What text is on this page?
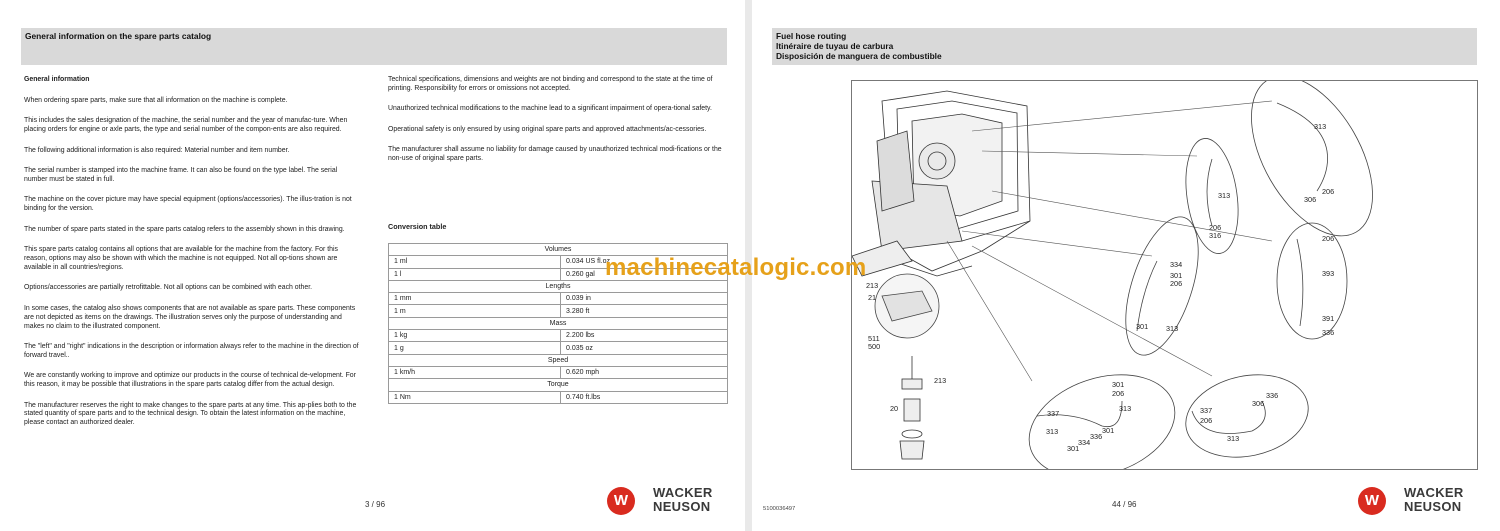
General information on the spare parts catalog

General information

When ordering spare parts, make sure that all information on the machine is complete.

This includes the sales designation of the machine, the serial number and the year of manufac-ture. When placing orders for engine or axle parts, the type and serial number of the compon-ents are also required.

The following additional information is also required: Material number and item number.

The serial number is stamped into the machine frame. It can also be found on the type label. The serial number must be stated in full.

The machine on the cover picture may have special equipment (options/accessories). The illus-tration is not binding for the version.

The number of spare parts stated in the spare parts catalog refers to the assembly shown in this drawing.

This spare parts catalog contains all options that are available for the machine from the factory. For this reason, options may also be shown with which the machine is not equipped. Not all op-tions shown are available in all countries/regions.

Options/accessories are partially retrofittable. Not all options can be combined with each other.

In some cases, the catalog also shows components that are not available as spare parts. These components are not depicted as items on the drawings. The illustration serves only the purpose of understanding and makes no claim to the illustrated component.

The "left" and "right" indications in the description or information always refer to the machine in the direction of forward travel..

We are constantly working to improve and optimize our products in the course of technical de-velopment. For this reason, it may be possible that illustrations in the spare parts catalog differ from the actual design.

The manufacturer reserves the right to make changes to the spare parts at any time. This ap-plies both to the stated quantity of spare parts and to the technical design. To obtain the latest information on the machine, please contact an authorized dealer.

Technical specifications, dimensions and weights are not binding and correspond to the state at the time of printing. Responsibility for errors or omissions not accepted.

Unauthorized technical modifications to the machine lead to a significant impairment of opera-tional safety.

Operational safety is only ensured by using original spare parts and approved attachments/ac-cessories.

The manufacturer shall assume no liability for damage caused by unauthorized technical modi-fications or the non-use of original spare parts.

Conversion table
Volumes	
1 ml	0.034 US fl.oz
1 l	0.260 gal
Lengths	
1 mm	0.039 in
1 m	3.280 ft
Mass	
1 kg	2.200 lbs
1 g	0.035 oz
Speed	
1 km/h	0.620 mph
Torque	
1 Nm	0.740 ft.lbs
3 / 96	W	WACKER
NEUSON
Fuel hose routing
Itinéraire de tuyau de carbura
Disposición de manguera de combustible
313
206
306
313
206
316	206
393
391
336
334
301
206
301 313
213
21
511
500
213
20
301
206
313
337
313	301
336
334
301
336
306
337
206
313
5100036497	44 / 96	W	WACKER
NEUSON
machinecatalogic.com
